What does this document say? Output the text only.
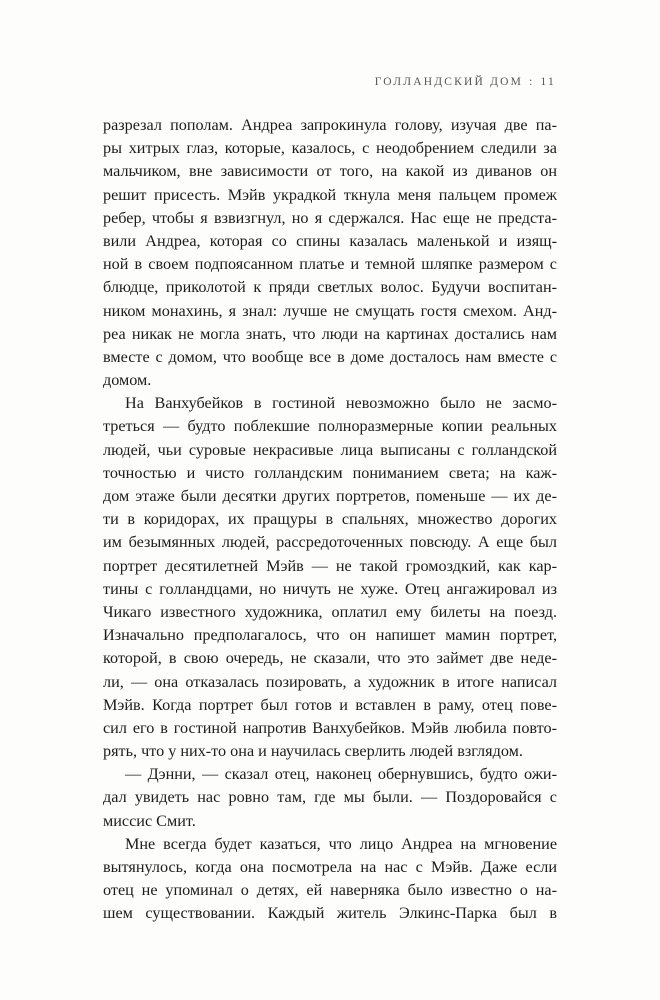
ГОЛЛАНДСКИЙ ДОМ : 11
разрезал пополам. Андреа запрокинула голову, изучая две па-
ры хитрых глаз, которые, казалось, с неодобрением следили за
мальчиком, вне зависимости от того, на какой из диванов он
решит присесть. Мэйв украдкой ткнула меня пальцем промеж
ребер, чтобы я взвизгнул, но я сдержался. Нас еще не предста-
вили Андреа, которая со спины казалась маленькой и изящ-
ной в своем подпоясанном платье и темной шляпке размером с
блюдце, приколотой к пряди светлых волос. Будучи воспитан-
ником монахинь, я знал: лучше не смущать гостя смехом. Анд-
реа никак не могла знать, что люди на картинах достались нам
вместе с домом, что вообще все в доме досталось нам вместе с
домом.
На Ванхубейков в гостиной невозможно было не засмо-
треться — будто поблекшие полноразмерные копии реальных
людей, чьи суровые некрасивые лица выписаны с голландской
точностью и чисто голландским пониманием света; на каж-
дом этаже были десятки других портретов, поменьше — их де-
ти в коридорах, их пращуры в спальнях, множество дорогих
им безымянных людей, рассредоточенных повсюду. А еще был
портрет десятилетней Мэйв — не такой громоздкий, как кар-
тины с голландцами, но ничуть не хуже. Отец ангажировал из
Чикаго известного художника, оплатил ему билеты на поезд.
Изначально предполагалось, что он напишет мамин портрет,
которой, в свою очередь, не сказали, что это займет две неде-
ли, — она отказалась позировать, а художник в итоге написал
Мэйв. Когда портрет был готов и вставлен в раму, отец пове-
сил его в гостиной напротив Ванхубейков. Мэйв любила повто-
рять, что у них-то она и научилась сверлить людей взглядом.
— Дэнни, — сказал отец, наконец обернувшись, будто ожи-
дал увидеть нас ровно там, где мы были. — Поздоровайся с
миссис Смит.
Мне всегда будет казаться, что лицо Андреа на мгновение
вытянулось, когда она посмотрела на нас с Мэйв. Даже если
отец не упоминал о детях, ей наверняка было известно о на-
шем существовании. Каждый житель Элкинс-Парка был в
